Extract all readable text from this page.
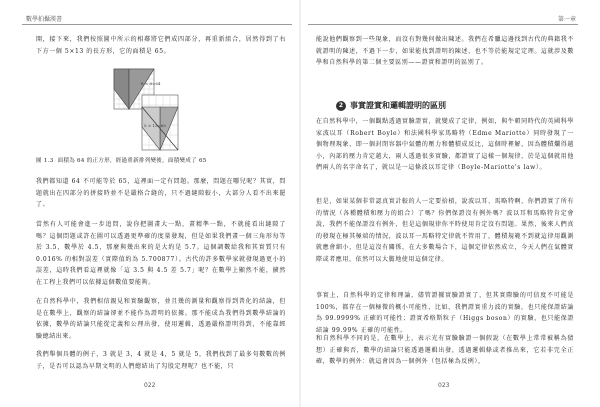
數學拍攝漢書

開，接下來，我們按照圖中所示的相鄰將它們成四部分，再重新組合，居然得到了右下方一個 5×13 的長方形，它的面積是 65。

8 × 8=64
5 × 13=65
圖 1.3 面積為 64 的正方形，經過重新排列變後，面積變成了 65

我們都知道 64 不可能等於 65，這裡面一定有問題。那麼，問題在哪兒呢？其實，問題就出在四部分的拼接時並不是嚴格合縫的，只不過縫隙較小，大部分人看不出來罷了。

當然有人可能會進一步追問，說你把圖畫大一點，畫精準一點，不就能看出縫隙了嗎？這個問題或許在圖可以透過更準確的度量發現，但是如果我們畫一個三角形每等於 3.5，數學於 4.5，那麼與幾出來的是大約是 5.7。這個調數給我和其實質只有 0.016% 的相對誤差（實際值約為 5.700877）。古代的許多數學家就發現過更小的誤差，這時我們看這裡就像「這 3.5 與 4.5 差 5.7」呢？在數學上顯然不能，擴然在工程上我們可以依據這個數值要能夠。

在自然科學中，我們相信親見和實驗觀察，並且幾的測量和觀察得到普化的結論，但是在數學上，觀察的結論卻並不能作為證明的依據。那不能成為我們得到數學結論的依據，數學的結論只能從定義和公理出發，使用邏輯，透過嚴格證明得到，不能靠經驗總結出來。

我們舉個具體的例子，3 就是 3，4 就是 4，5 就是 5，我們找到了最多句數數的例子，是否可以認為早期文明的人們總結出了勾股定理呢？也不能，只

022
第一章

能說他們觀察到一些現象，而沒有對幾何做出陳述。我們在希臘這邊找到古代的典籍我不就證明的陳述，不過下一步，如果能找到證明的陳述，也不等於能規定定理。這就涉及數學和自然科學的第二個主要區別——證實和證明的區別了。

2 事實證實和邏輯證明的區別

在自然科學中，一個觀點透過實驗證實，就變成了定律，例如，與牛頓同時代的英國科學家波以耳（Robert Boyle）和法國科學家馬略特（Edme Mariotte）同時發現了一個物理現象，即一個封閉容器中氣體的壓力和體積成反比，這個時裡解，因為體積爛得越小，內部的壓力肯定越大，兩人透過很多實驗，都證實了這樣一個規律，於是這個就用他們兩人的名字命名了，就以是一這條波以耳定律（Boyle-Mariotte's law）。

但是，如果某個非常認真實計較的人一定要拾槓，說波以耳、馬略特啊，你們證實了所有的情況（各種體積和壓力的組合）了嗎？你們保證沒有例外嗎？波以耳和馬略特肯定會說，我們不能保證沒有例外，但是這個規律你平時使用肯定沒有問題。果然，後來人們真的發現在極其極端的情況，波以耳一馬略特定律就不管用了，體積規範不到就這律用觀測就應會細小，但是這沒有關係，在大多數場合下，這個定律依然成立，今天人們在氣體實際或者應用，依然可以大膽地使用這個定律。

事實上，自然科學的定律和理論，儘管證據實驗證實了，但其實際驗的可信度不可能是 100%，都存在一個極微的概小可能性，比如，我們證實重力波的實驗，也只能保證結論為 99.9999% 正確的可能性；證實希格斯粒子（Higgs boson）的實驗，也只能保證結論 99.99% 正確的可能性。

和自然科學不同的是，在數學上，表示光有實驗驗證一個假說（在數學上常常被稱為猜想）正確與否，數學的結論只能透過邏輯出發，透過邏輯條或者推出來，它若非完全正確，數學的例外：就這會因為一個例外（包括極為反例），

023
